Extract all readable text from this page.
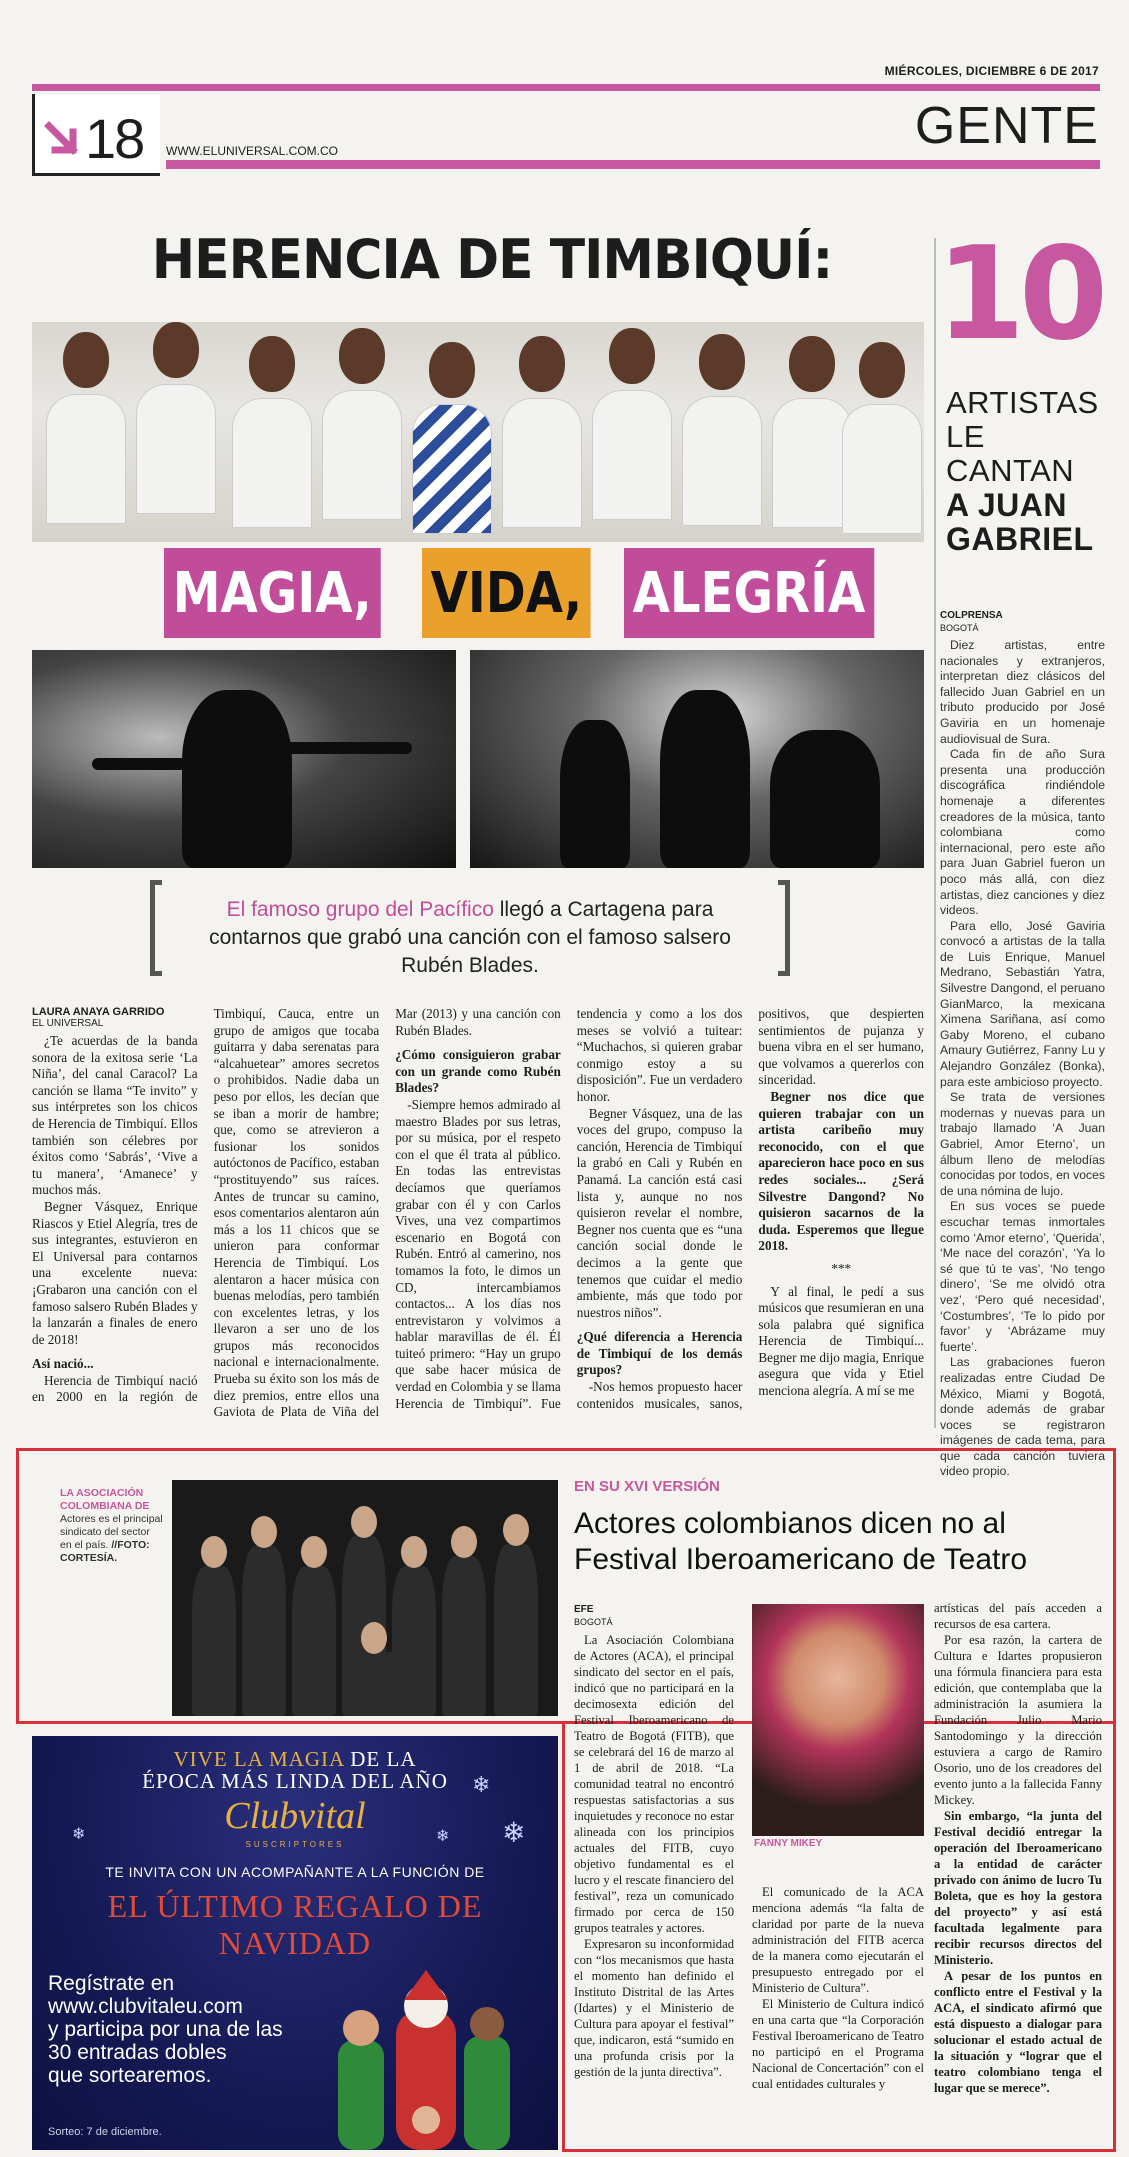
MIÉRCOLES, DICIEMBRE 6 DE 2017
18 WWW.ELUNIVERSAL.COM.CO	GENTE
HERENCIA DE TIMBIQUÍ:
MAGIA, VIDA, ALEGRÍA

El famoso grupo del Pacífico llegó a Cartagena para contarnos que grabó una canción con el famoso salsero Rubén Blades.

LAURA ANAYA GARRIDO

EL UNIVERSAL

¿Te acuerdas de la banda sonora de la exitosa serie ‘La Niña’, del canal Caracol? La canción se llama “Te invito” y sus intérpretes son los chicos de Herencia de Timbiquí. Ellos también son célebres por éxitos como ‘Sabrás’, ‘Vive a tu manera’, ‘Amanece’ y muchos más.

Begner Vásquez, Enrique Riascos y Etiel Alegría, tres de sus integrantes, estuvieron en El Universal para contarnos una excelente nueva: ¡Grabaron una canción con el famoso salsero Rubén Blades y la lanzarán a finales de enero de 2018!

Así nació...

Herencia de Timbiquí nació en 2000 en la región de Timbiquí, Cauca, entre un grupo de amigos que tocaba guitarra y daba serenatas para “alcahuetear” amores secretos o prohibidos. Nadie daba un peso por ellos, les decían que se iban a morir de hambre; que, como se atrevieron a fusionar los sonidos autóctonos de Pacífico, estaban “prostituyendo” sus raíces. Antes de truncar su camino, esos comentarios alentaron aún más a los 11 chicos que se unieron para conformar Herencia de Timbiquí. Los alentaron a hacer música con buenas melodías, pero también con excelentes letras, y los llevaron a ser uno de los grupos más reconocidos nacional e internacionalmente. Prueba su éxito son los más de diez premios, entre ellos una Gaviota de Plata de Viña del Mar (2013) y una canción con Rubén Blades.

¿Cómo consiguieron grabar con un grande como Rubén Blades?

-Siempre hemos admirado al maestro Blades por sus letras, por su música, por el respeto con el que él trata al público. En todas las entrevistas decíamos que queríamos grabar con él y con Carlos Vives, una vez compartimos escenario en Bogotá con Rubén. Entró al camerino, nos tomamos la foto, le dimos un CD, intercambiamos contactos... A los días nos entrevistaron y volvimos a hablar maravillas de él. Él tuiteó primero: “Hay un grupo que sabe hacer música de verdad en Colombia y se llama Herencia de Timbiquí”. Fue tendencia y como a los dos meses se volvió a tuitear: “Muchachos, si quieren grabar conmigo estoy a su disposición”. Fue un verdadero honor.

Begner Vásquez, una de las voces del grupo, compuso la canción, Herencia de Timbiquí la grabó en Cali y Rubén en Panamá. La canción está casi lista y, aunque no nos quisieron revelar el nombre, Begner nos cuenta que es “una canción social donde le decimos a la gente que tenemos que cuidar el medio ambiente, más que todo por nuestros niños”.

¿Qué diferencia a Herencia de Timbiquí de los demás grupos?

-Nos hemos propuesto hacer contenidos musicales, sanos, positivos, que despierten sentimientos de pujanza y buena vibra en el ser humano, que volvamos a quererlos con sinceridad.

Begner nos dice que quieren trabajar con un artista caribeño muy reconocido, con el que aparecieron hace poco en sus redes sociales... ¿Será Silvestre Dangond? No quisieron sacarnos de la duda. Esperemos que llegue 2018.

***

Y al final, le pedí a sus músicos que resumieran en una sola palabra qué significa Herencia de Timbiquí... Begner me dijo magia, Enrique asegura que vida y Etiel menciona alegría. A mí se me

10
ARTISTAS
LE
CANTAN
A JUAN
GABRIEL
COLPRENSA
BOGOTÁ

Diez artistas, entre nacionales y extranjeros, interpretan diez clásicos del fallecido Juan Gabriel en un tributo producido por José Gaviria en un homenaje audiovisual de Sura.

Cada fin de año Sura presenta una producción discográfica rindiéndole homenaje a diferentes creadores de la música, tanto colombiana como internacional, pero este año para Juan Gabriel fueron un poco más allá, con diez artistas, diez canciones y diez videos.

Para ello, José Gaviria convocó a artistas de la talla de Luis Enrique, Manuel Medrano, Sebastián Yatra, Silvestre Dangond, el peruano GianMarco, la mexicana Ximena Sariñana, así como Gaby Moreno, el cubano Amaury Gutiérrez, Fanny Lu y Alejandro González (Bonka), para este ambicioso proyecto.

Se trata de versiones modernas y nuevas para un trabajo llamado ‘A Juan Gabriel, Amor Eterno’, un álbum lleno de melodías conocidas por todos, en voces de una nómina de lujo.

En sus voces se puede escuchar temas inmortales como ‘Amor eterno’, ‘Querida’, ‘Me nace del corazón’, ‘Ya lo sé que tú te vas’, ‘No tengo dinero’, ‘Se me olvidó otra vez’, ‘Pero qué necesidad’, ‘Costumbres’, ‘Te lo pido por favor’ y ‘Abrázame muy fuerte’.

Las grabaciones fueron realizadas entre Ciudad De México, Miami y Bogotá, donde además de grabar voces se registraron imágenes de cada tema, para que cada canción tuviera video propio.

LA ASOCIACIÓN COLOMBIANA DE
Actores es el principal sindicato del sector en el país. //FOTO: CORTESÍA.
EN SU XVI VERSIÓN
Actores colombianos dicen no al Festival Iberoamericano de Teatro
EFE
BOGOTÁ

La Asociación Colombiana de Actores (ACA), el principal sindicato del sector en el país, indicó que no participará en la decimosexta edición del Festival Iberoamericano de Teatro de Bogotá (FITB), que se celebrará del 16 de marzo al 1 de abril de 2018. “La comunidad teatral no encontró respuestas satisfactorias a sus inquietudes y reconoce no estar alineada con los principios actuales del FITB, cuyo objetivo fundamental es el lucro y el rescate financiero del festival”, reza un comunicado firmado por cerca de 150 grupos teatrales y actores.

Expresaron su inconformidad con “los mecanismos que hasta el momento han definido el Instituto Distrital de las Artes (Idartes) y el Ministerio de Cultura para apoyar el festival” que, indicaron, está “sumido en una profunda crisis por la gestión de la junta directiva”.

FANNY MIKEY

El comunicado de la ACA menciona además “la falta de claridad por parte de la nueva administración del FITB acerca de la manera como ejecutarán el presupuesto entregado por el Ministerio de Cultura”.

El Ministerio de Cultura indicó en una carta que “la Corporación Festival Iberoamericano de Teatro no participó en el Programa Nacional de Concertación” con el cual entidades culturales y

artísticas del país acceden a recursos de esa cartera.

Por esa razón, la cartera de Cultura e Idartes propusieron una fórmula financiera para esta edición, que contemplaba que la administración la asumiera la Fundación Julio Mario Santodomingo y la dirección estuviera a cargo de Ramiro Osorio, uno de los creadores del evento junto a la fallecida Fanny Mickey.

Sin embargo, “la junta del Festival decidió entregar la operación del Iberoamericano a la entidad de carácter privado con ánimo de lucro Tu Boleta, que es hoy la gestora del proyecto” y así está facultada legalmente para recibir recursos directos del Ministerio.

A pesar de los puntos en conflicto entre el Festival y la ACA, el sindicato afirmó que está dispuesto a dialogar para solucionar el estado actual de la situación y “lograr que el teatro colombiano tenga el lugar que se merece”.

❄
❄
❄
❄
VIVE LA MAGIA DE LA
ÉPOCA MÁS LINDA DEL AÑO
Clubvital
SUSCRIPTORES
TE INVITA CON UN ACOMPAÑANTE A LA FUNCIÓN DE
EL ÚLTIMO REGALO DE NAVIDAD
Regístrate en
www.clubvitaleu.com
y participa por una de las
30 entradas dobles
que sortearemos.
Sorteo: 7 de diciembre.
